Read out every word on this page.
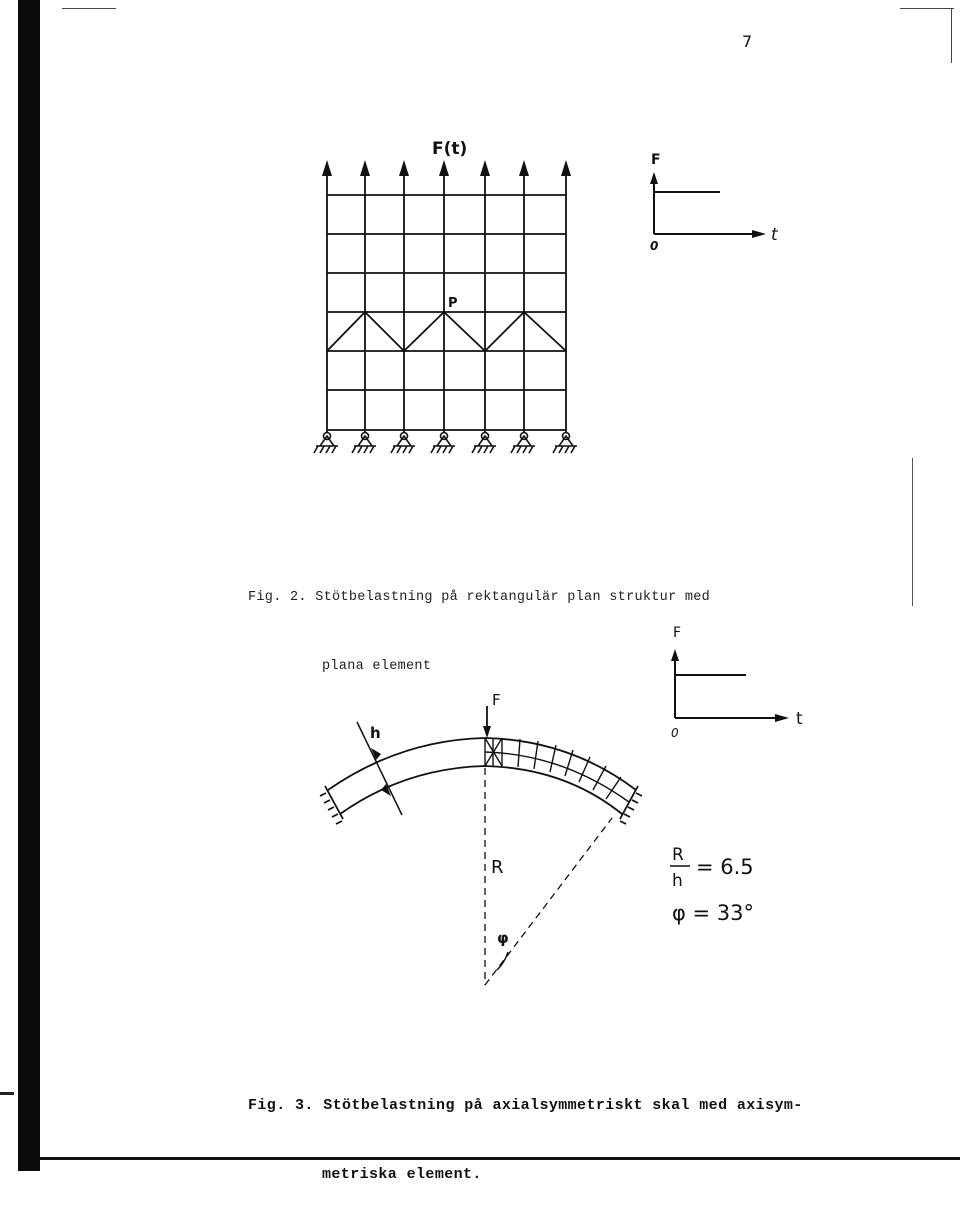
7
F(t)
P
F
t
0
h
F
R
φ
F
t
0
R
h
= 6.5
φ = 33°

Fig. 2. Stötbelastning på rektangulär plan struktur med

plana element

Fig. 3. Stötbelastning på axialsymmetriskt skal med axisym-

metriska element.
